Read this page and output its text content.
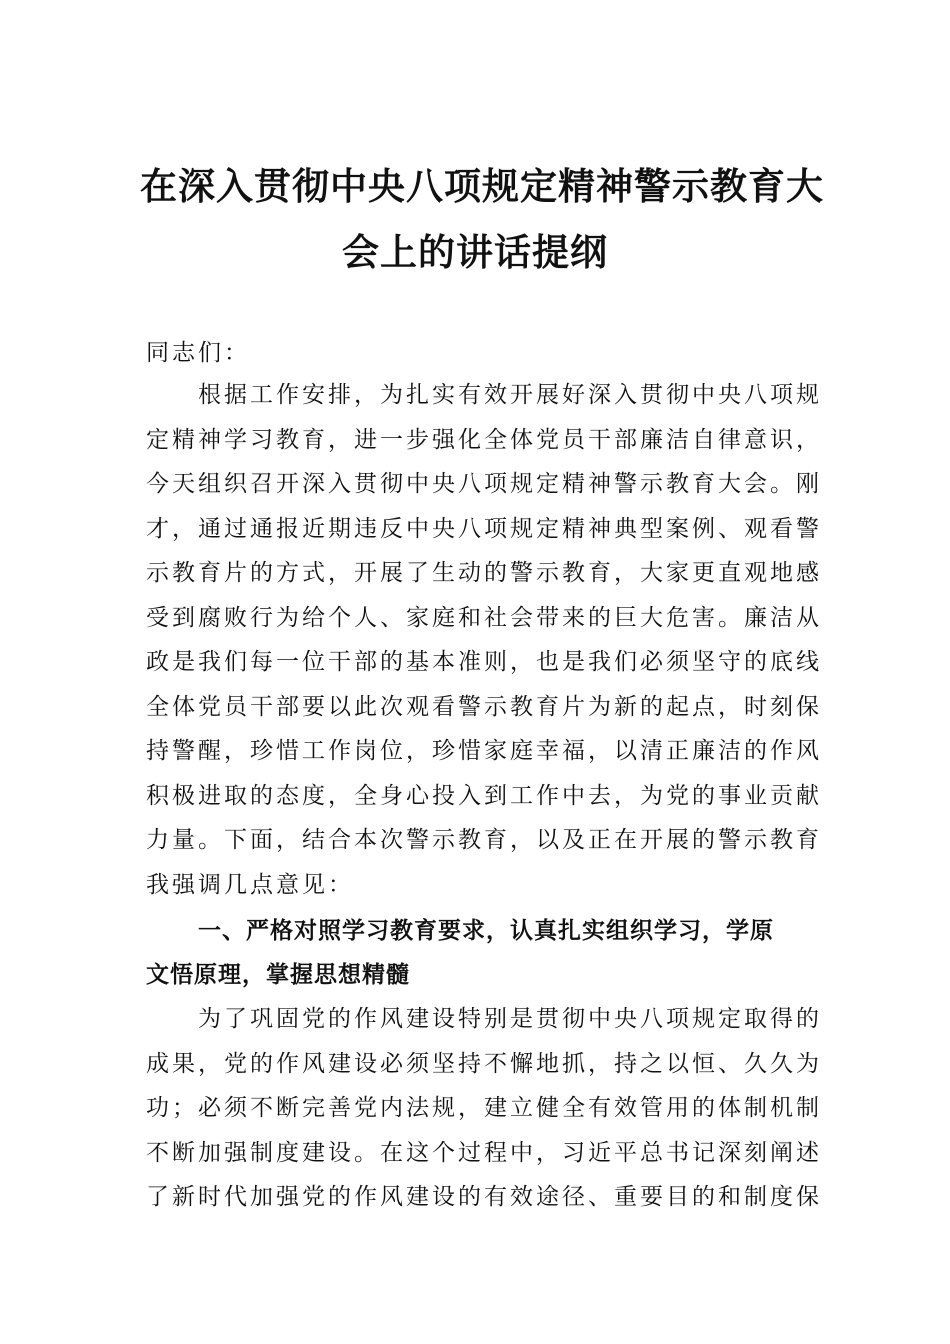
在深入贯彻中央八项规定精神警示教育大
会上的讲话提纲

同志们：

根据工作安排，为扎实有效开展好深入贯彻中央八项规

定精神学习教育，进一步强化全体党员干部廉洁自律意识，

今天组织召开深入贯彻中央八项规定精神警示教育大会。刚

才，通过通报近期违反中央八项规定精神典型案例、观看警

示教育片的方式，开展了生动的警示教育，大家更直观地感

受到腐败行为给个人、家庭和社会带来的巨大危害。廉洁从

政是我们每一位干部的基本准则，也是我们必须坚守的底线

全体党员干部要以此次观看警示教育片为新的起点，时刻保

持警醒，珍惜工作岗位，珍惜家庭幸福，以清正廉洁的作风

积极进取的态度，全身心投入到工作中去，为党的事业贡献

力量。下面，结合本次警示教育，以及正在开展的警示教育

我强调几点意见：

一、严格对照学习教育要求，认真扎实组织学习，学原

文悟原理，掌握思想精髓

为了巩固党的作风建设特别是贯彻中央八项规定取得的

成果，党的作风建设必须坚持不懈地抓，持之以恒、久久为

功；必须不断完善党内法规，建立健全有效管用的体制机制

不断加强制度建设。在这个过程中，习近平总书记深刻阐述

了新时代加强党的作风建设的有效途径、重要目的和制度保
